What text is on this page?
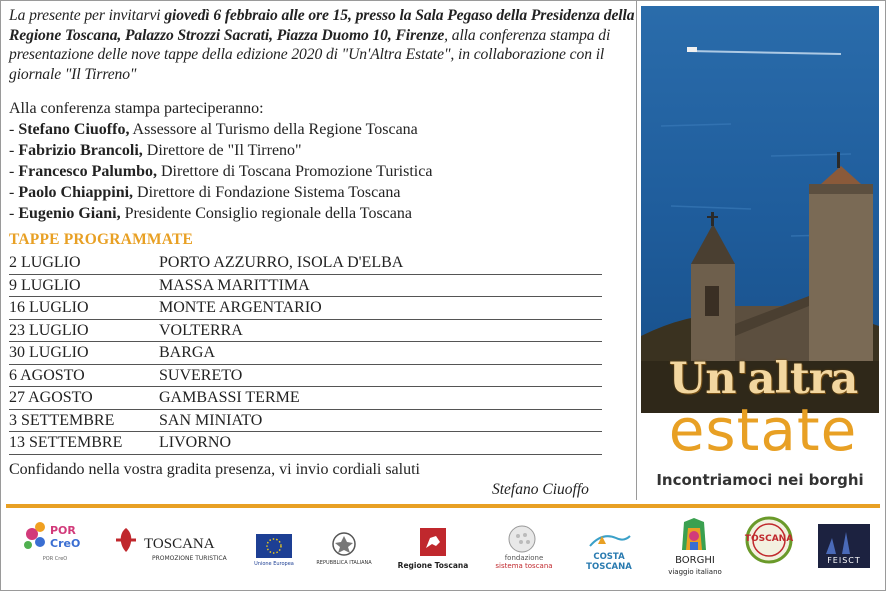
La presente per invitarvi giovedì 6 febbraio alle ore 15, presso la Sala Pegaso della Presidenza della Regione Toscana, Palazzo Strozzi Sacrati, Piazza Duomo 10, Firenze, alla conferenza stampa di presentazione delle nove tappe della edizione 2020 di "Un'Altra Estate", in collaborazione con il giornale "Il Tirreno"
Alla conferenza stampa parteciperanno:
- Stefano Ciuoffo, Assessore al Turismo della Regione Toscana
- Fabrizio Brancoli, Direttore de "Il Tirreno"
- Francesco Palumbo, Direttore di Toscana Promozione Turistica
- Paolo Chiappini, Direttore di Fondazione Sistema Toscana
- Eugenio Giani, Presidente Consiglio regionale della Toscana
TAPPE PROGRAMMATE
2 LUGLIO	PORTO AZZURRO, ISOLA D'ELBA
9 LUGLIO	MASSA MARITTIMA
16 LUGLIO	MONTE ARGENTARIO
23 LUGLIO	VOLTERRA
30 LUGLIO	BARGA
6 AGOSTO	SUVERETO
27 AGOSTO	GAMBASSI TERME
3 SETTEMBRE	SAN MINIATO
13 SETTEMBRE LIVORNO
Confidando nella vostra gradita presenza, vi invio cordiali saluti
Stefano Ciuoffo
Un'altra
estate
Incontriamoci nei borghi
POR
CreO
POR CreO
TOSCANA
PROMOZIONE TURISTICA
Unione Europea	REPUBBLICA ITALIANA	Regione Toscana
fondazione
sistema toscana
COSTA TOSCANA
BORGHI
viaggio italiano
TOSCANA
FEISCT
